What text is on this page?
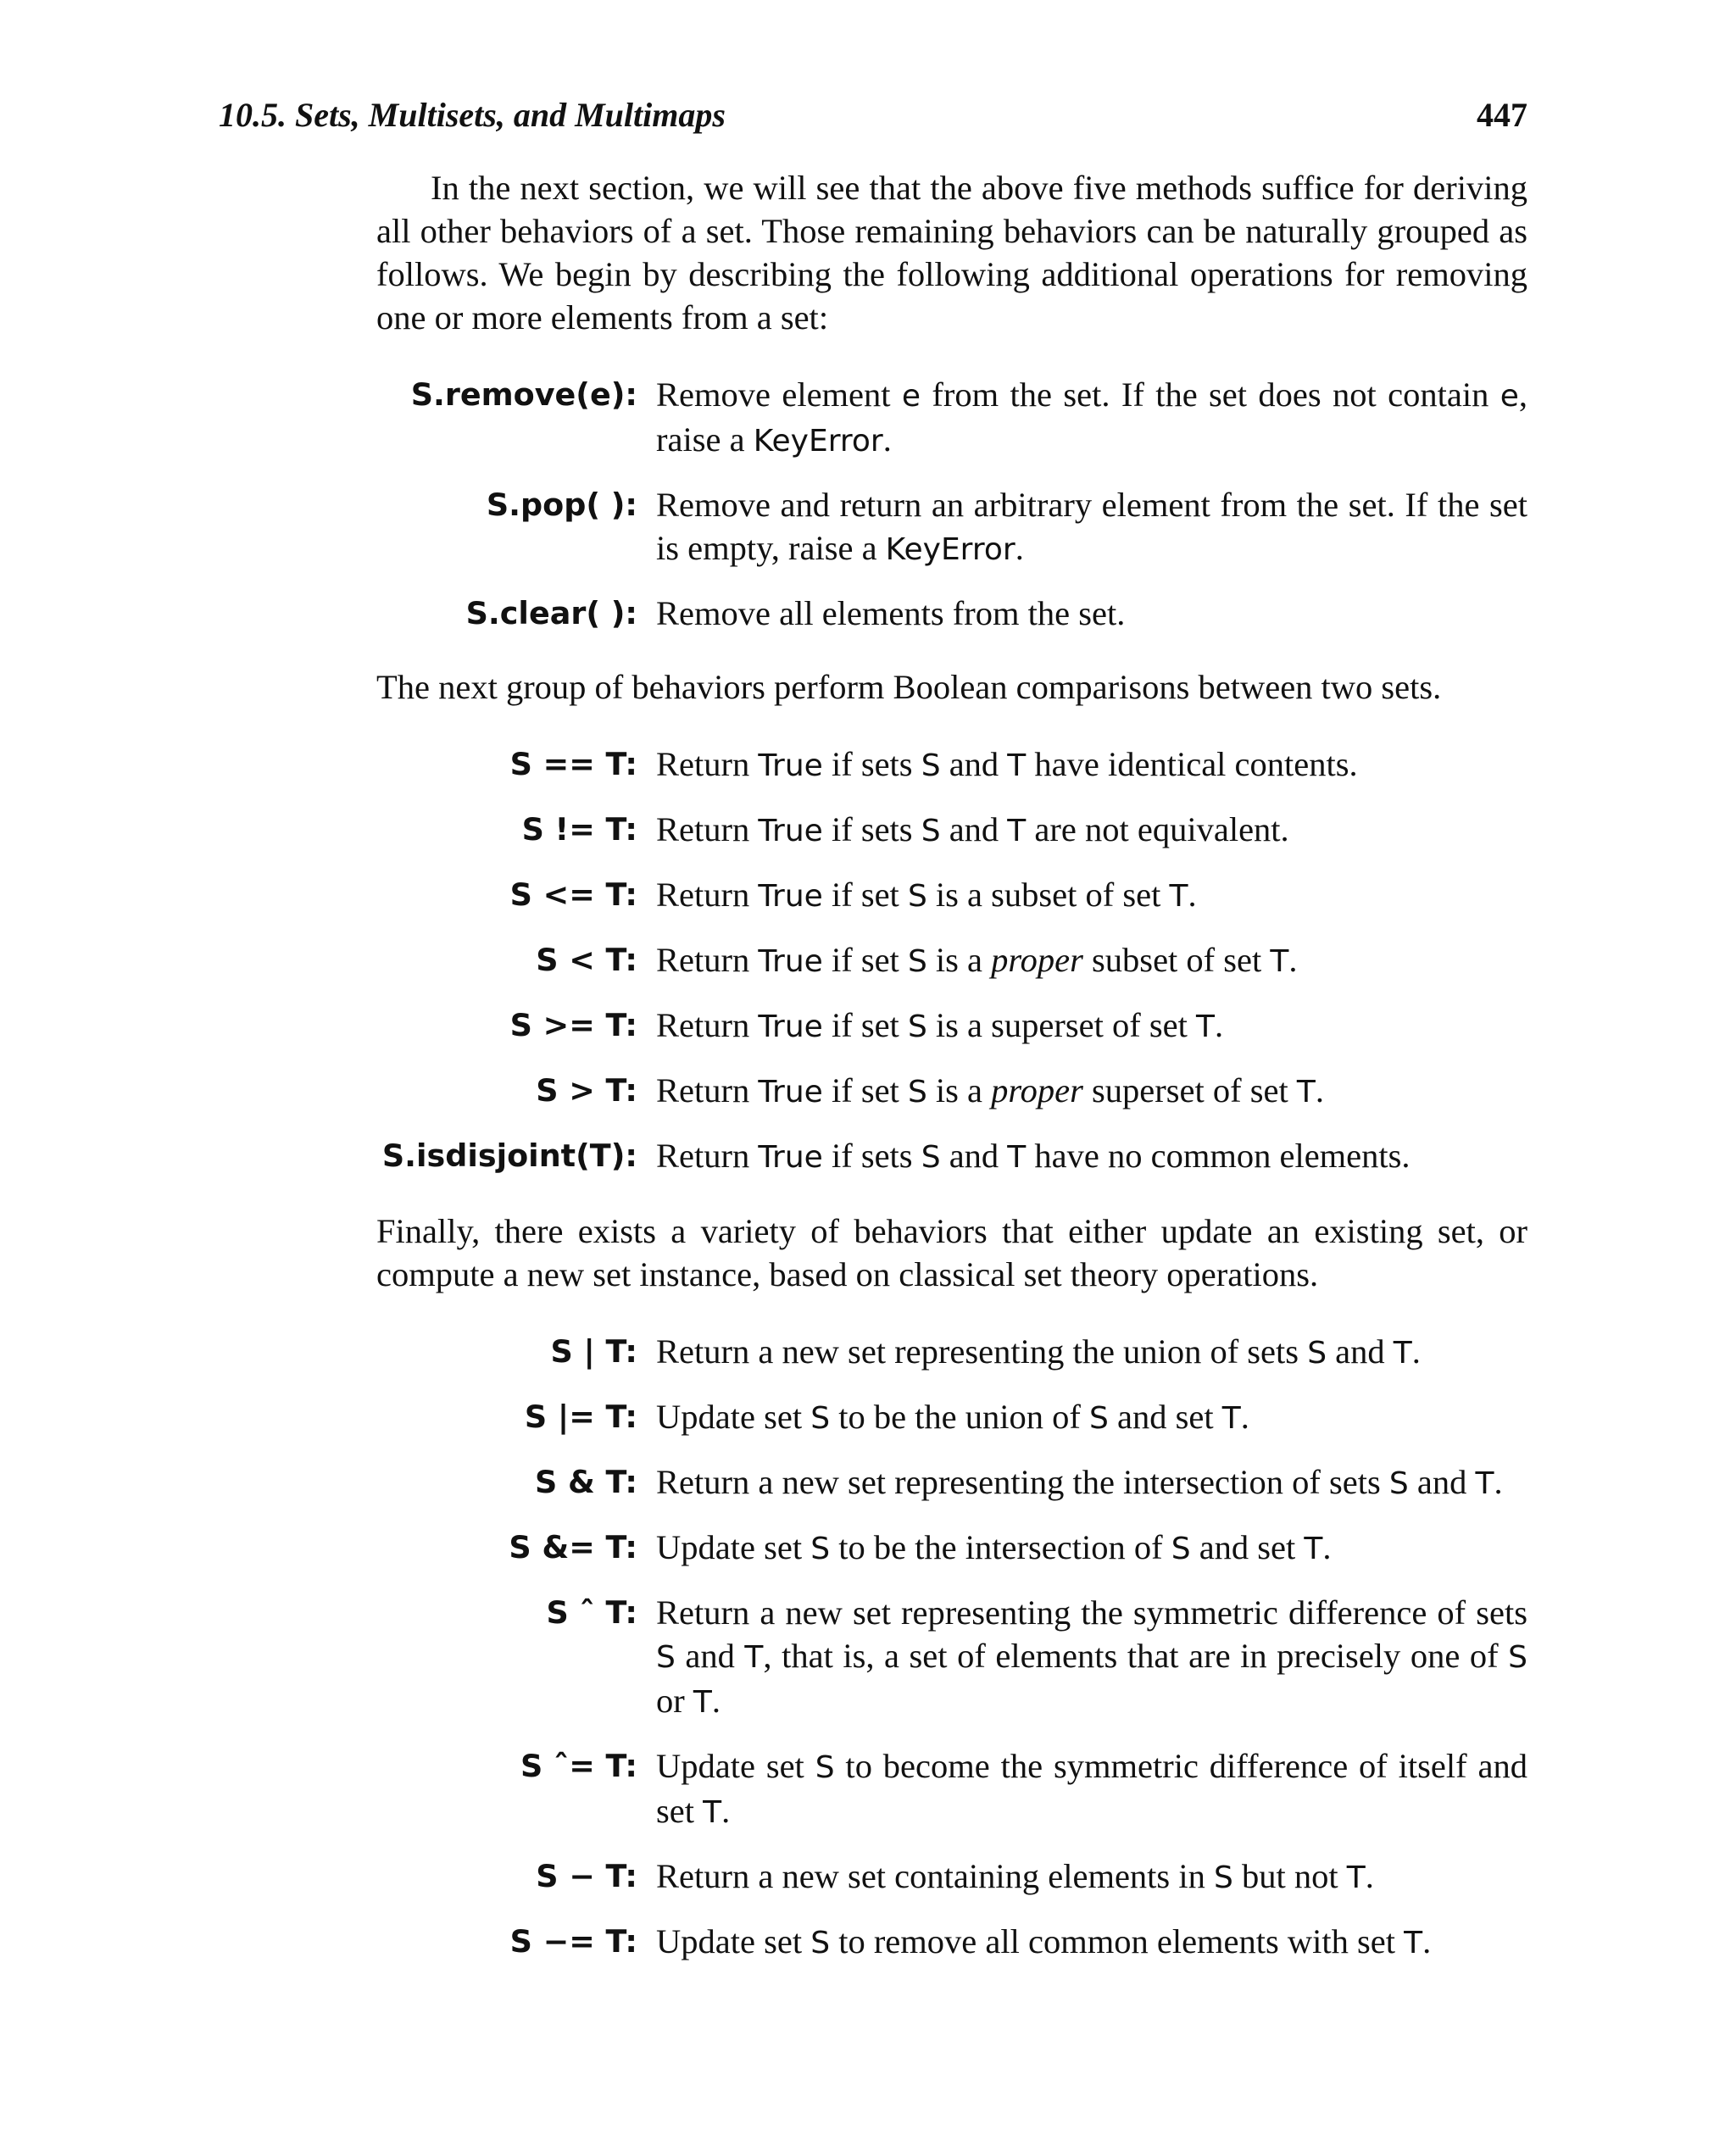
10.5. Sets, Multisets, and Multimaps	447

In the next section, we will see that the above five methods suffice for deriving all other behaviors of a set. Those remaining behaviors can be naturally grouped as follows. We begin by describing the following additional operations for removing one or more elements from a set:

S.remove(e): Remove element e from the set. If the set does not contain e, raise a KeyError.
S.pop( ): Remove and return an arbitrary element from the set. If the set is empty, raise a KeyError.
S.clear( ): Remove all elements from the set.

The next group of behaviors perform Boolean comparisons between two sets.

S == T: Return True if sets S and T have identical contents.
S != T: Return True if sets S and T are not equivalent.
S <= T: Return True if set S is a subset of set T.
S < T: Return True if set S is a proper subset of set T.
S >= T: Return True if set S is a superset of set T.
S > T: Return True if set S is a proper superset of set T.
S.isdisjoint(T): Return True if sets S and T have no common elements.

Finally, there exists a variety of behaviors that either update an existing set, or compute a new set instance, based on classical set theory operations.

S | T: Return a new set representing the union of sets S and T.
S |= T: Update set S to be the union of S and set T.
S & T: Return a new set representing the intersection of sets S and T.
S &= T: Update set S to be the intersection of S and set T.
S ˆ T: Return a new set representing the symmetric difference of sets S and T, that is, a set of elements that are in precisely one of S or T.
S ˆ= T: Update set S to become the symmetric difference of itself and set T.
S − T: Return a new set containing elements in S but not T.
S −= T: Update set S to remove all common elements with set T.
